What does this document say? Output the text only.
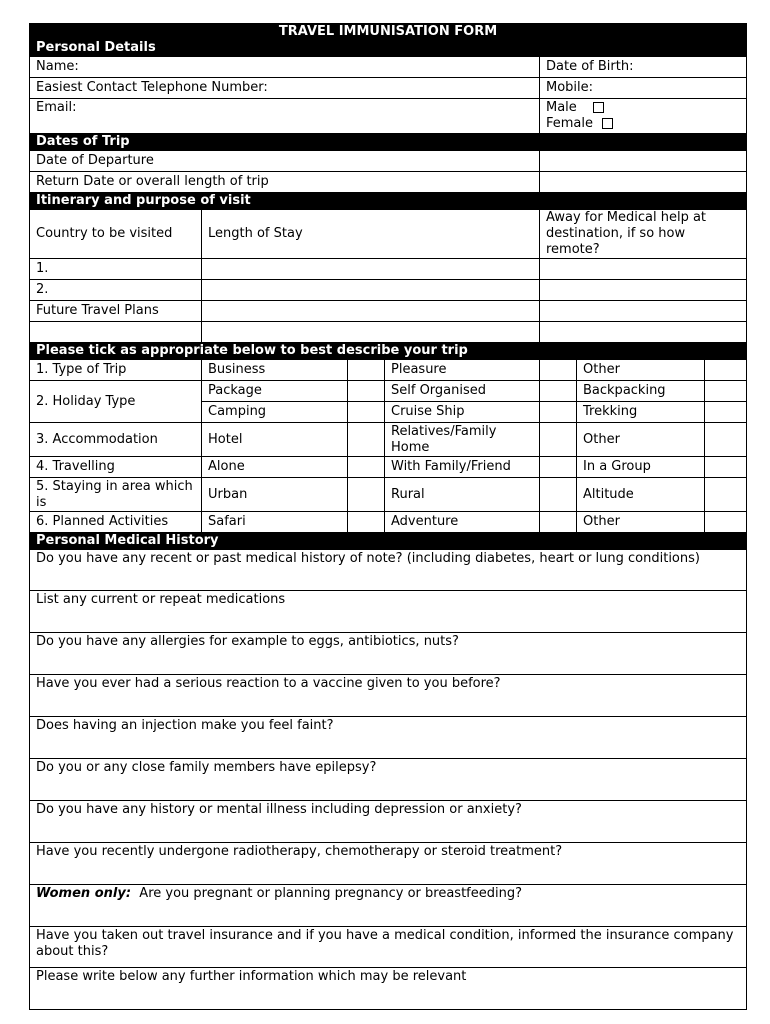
TRAVEL IMMUNISATION FORM
Personal Details						

Name:				Date of Birth:		
Easiest Contact Telephone Number:				Mobile:		
Email:				Male
Female		

Dates of Trip						
Date of Departure						
Return Date or overall length of trip						
Itinerary and purpose of visit						
Country to be visited	Length of Stay			Away for Medical help at destination, if so how remote?		
1.						
2.						
Future Travel Plans						

Please tick as appropriate below to best describe your trip						
1. Type of Trip	Business		Pleasure		Other	
2. Holiday Type	Package		Self Organised		Backpacking	
	Camping		Cruise Ship		Trekking	
3. Accommodation	Hotel		Relatives/Family Home		Other	
4. Travelling	Alone		With Family/Friend		In a Group	
5. Staying in area which is	Urban		Rural		Altitude	
6. Planned Activities	Safari		Adventure		Other	
Personal Medical History						
Do you have any recent or past medical history of note? (including diabetes, heart or lung conditions)						
List any current or repeat medications						
Do you have any allergies for example to eggs, antibiotics, nuts?						
Have you ever had a serious reaction to a vaccine given to you before?						
Does having an injection make you feel faint?						
Do you or any close family members have epilepsy?						
Do you have any history or mental illness including depression or anxiety?						
Have you recently undergone radiotherapy, chemotherapy or steroid treatment?						
Women only: Are you pregnant or planning pregnancy or breastfeeding?						
Have you taken out travel insurance and if you have a medical condition, informed the insurance company about this?						
Please write below any further information which may be relevant						
